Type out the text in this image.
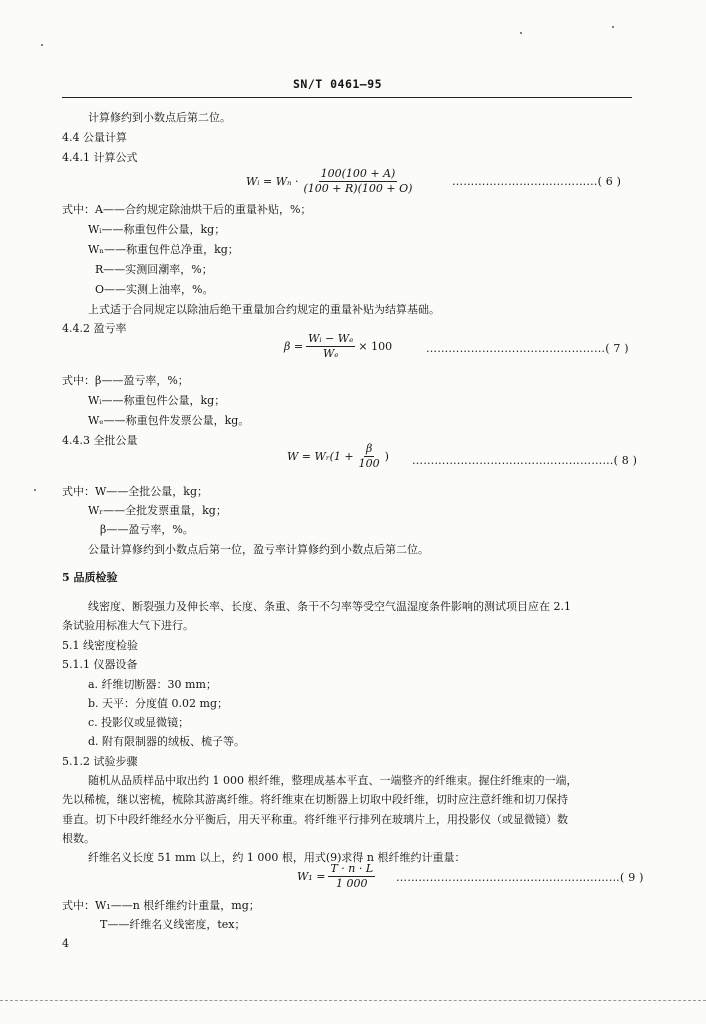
SN/T 0461—95
计算修约到小数点后第二位。
4.4 公量计算
4.4.1 计算公式
Wᵢ = $W_n \cdot \frac{100(100 + A)}{(100 + R)(100 + O)}$	…………………………………( 6 )
式中：A——合约规定除油烘干后的重量补贴，%；
Wᵢ——称重包件公量，kg；
Wₙ——称重包件总净重，kg；
R——实测回潮率，%；
O——实测上油率，%。
上式适于合同规定以除油后绝干重量加合约规定的重量补贴为结算基础。
4.4.2 盈亏率
$\beta = \frac{\text{Wᵢ − Wₑ}}{\text{Wₑ}} \times 100$	…………………………………………( 7 )
式中：β——盈亏率，%；
Wᵢ——称重包件公量，kg；
Wₑ——称重包件发票公量，kg。
4.4.3 全批公量
W = Wᵣ(1 + $\frac{\beta}{100}$ ) ………………………………………………( 8 )
式中：W——全批公量，kg；
Wᵣ——全批发票重量，kg；
β——盈亏率，%。
公量计算修约到小数点后第一位，盈亏率计算修约到小数点后第二位。
5 品质检验
线密度、断裂强力及伸长率、长度、条重、条干不匀率等受空气温湿度条件影响的测试项目应在 2.1
条试验用标准大气下进行。
5.1 线密度检验
5.1.1 仪器设备
a. 纤维切断器：30 mm；
b. 天平：分度值 0.02 mg；
c. 投影仪或显微镜；
d. 附有限制器的绒板、梳子等。
5.1.2 试验步骤
随机从品质样品中取出约 1 000 根纤维，整理成基本平直、一端整齐的纤维束。握住纤维束的一端，
先以稀梳，继以密梳，梳除其游离纤维。将纤维束在切断器上切取中段纤维，切时应注意纤维和切刀保持
垂直。切下中段纤维经水分平衡后，用天平称重。将纤维平行排列在玻璃片上，用投影仪（或显微镜）数
根数。
纤维名义长度 51 mm 以上，约 1 000 根，用式(9)求得 n 根纤维约计重量：
$W_1 = \frac{T \cdot n \cdot L}{1 000}$ ……………………………………………………( 9 )
式中：W₁——n 根纤维约计重量，mg；
T——纤维名义线密度，tex；
4
